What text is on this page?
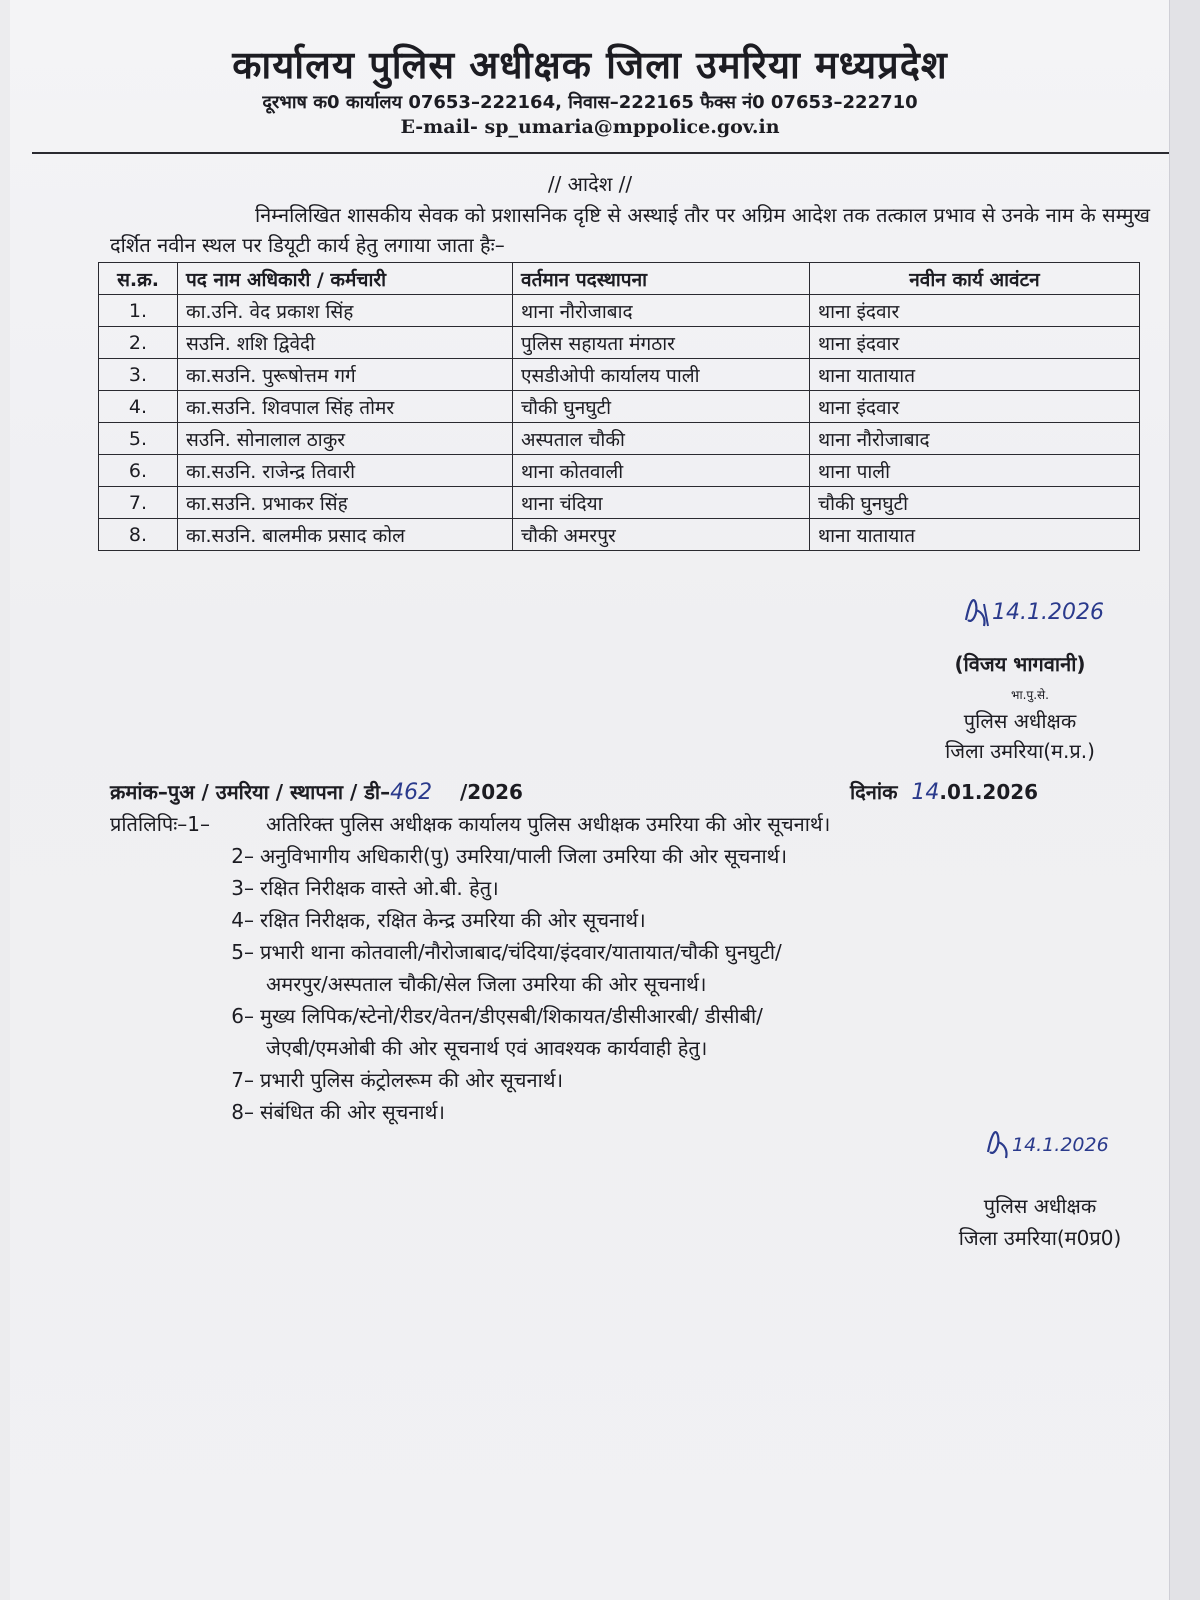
कार्यालय पुलिस अधीक्षक जिला उमरिया मध्यप्रदेश
दूरभाष क0 कार्यालय 07653–222164, निवास–222165 फैक्स नं0 07653–222710
E-mail- sp_umaria@mppolice.gov.in
// आदेश //
निम्नलिखित शासकीय सेवक को प्रशासनिक दृष्टि से अस्थाई तौर पर अग्रिम आदेश तक तत्काल प्रभाव से उनके नाम के सम्मुख दर्शित नवीन स्थल पर डियूटी कार्य हेतु लगाया जाता हैः–
स.क्र.	पद नाम अधिकारी / कर्मचारी	वर्तमान पदस्थापना	नवीन कार्य आवंटन
1.	का.उनि. वेद प्रकाश सिंह	थाना नौरोजाबाद	थाना इंदवार
2.	सउनि. शशि द्विवेदी	पुलिस सहायता मंगठार	थाना इंदवार
3.	का.सउनि. पुरूषोत्तम गर्ग	एसडीओपी कार्यालय पाली	थाना यातायात
4.	का.सउनि. शिवपाल सिंह तोमर	चौकी घुनघुटी	थाना इंदवार
5.	सउनि. सोनालाल ठाकुर	अस्पताल चौकी	थाना नौरोजाबाद
6.	का.सउनि. राजेन्द्र तिवारी	थाना कोतवाली	थाना पाली
7.	का.सउनि. प्रभाकर सिंह	थाना चंदिया	चौकी घुनघुटी
8.	का.सउनि. बालमीक प्रसाद कोल	चौकी अमरपुर	थाना यातायात
14.1.2026
(विजय भागवानी)
भा.पु.से.
पुलिस अधीक्षक
जिला उमरिया(म.प्र.)
क्रमांक–पुअ / उमरिया / स्थापना / डी–462 /2026	दिनांक 14.01.2026
प्रतिलिपिः–1–	अतिरिक्त पुलिस अधीक्षक कार्यालय पुलिस अधीक्षक उमरिया की ओर सूचनार्थ।
2– अनुविभागीय अधिकारी(पु) उमरिया/पाली जिला उमरिया की ओर सूचनार्थ।
3– रक्षित निरीक्षक वास्ते ओ.बी. हेतु।
4– रक्षित निरीक्षक, रक्षित केन्द्र उमरिया की ओर सूचनार्थ।
5– प्रभारी थाना कोतवाली/नौरोजाबाद/चंदिया/इंदवार/यातायात/चौकी घुनघुटी/
अमरपुर/अस्पताल चौकी/सेल जिला उमरिया की ओर सूचनार्थ।
6– मुख्य लिपिक/स्टेनो/रीडर/वेतन/डीएसबी/शिकायत/डीसीआरबी/ डीसीबी/
जेएबी/एमओबी की ओर सूचनार्थ एवं आवश्यक कार्यवाही हेतु।
7– प्रभारी पुलिस कंट्रोलरूम की ओर सूचनार्थ।
8– संबंधित की ओर सूचनार्थ।
14.1.2026
पुलिस अधीक्षक
जिला उमरिया(म0प्र0)
